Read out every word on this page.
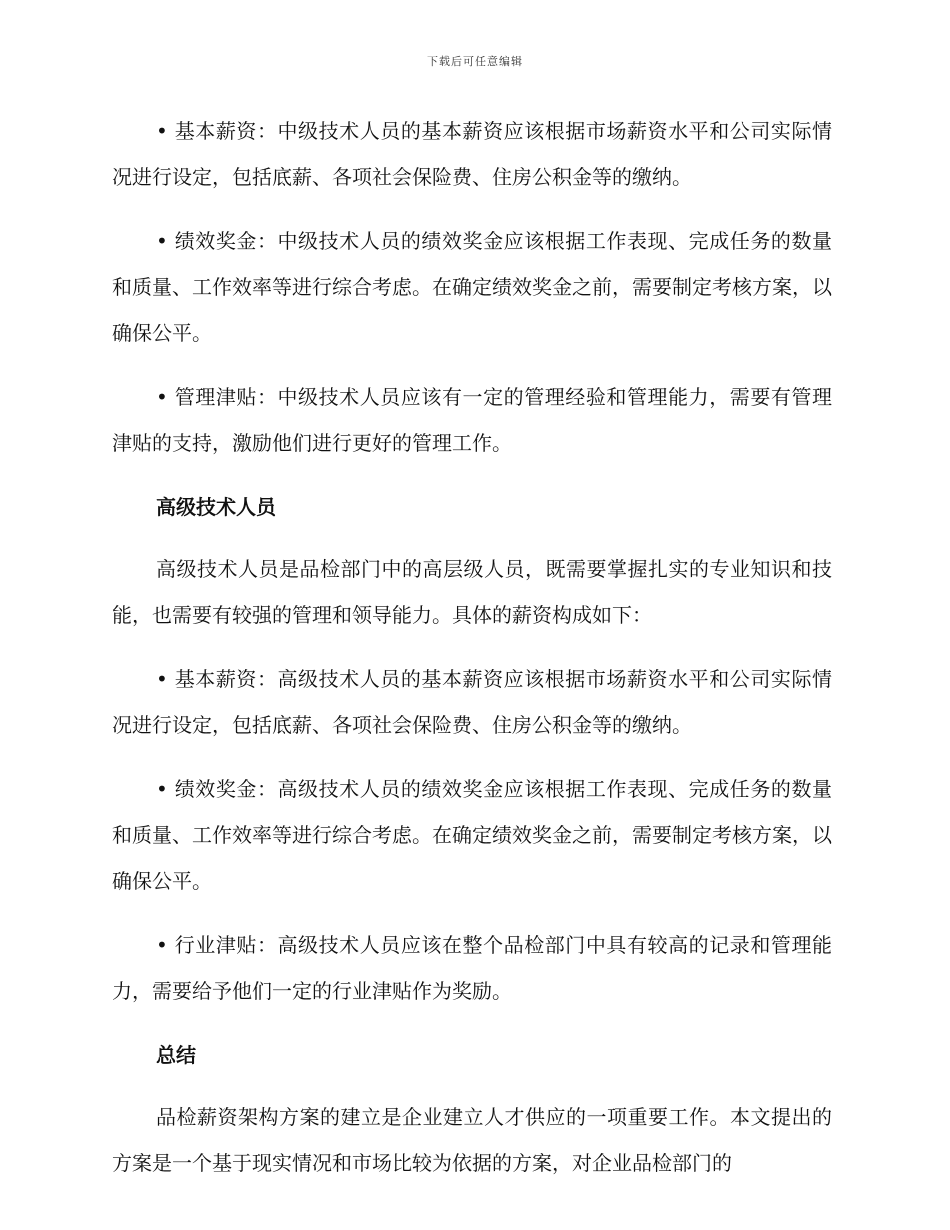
下载后可任意编辑

• 基本薪资：中级技术人员的基本薪资应该根据市场薪资水平和公司实际情况进行设定，包括底薪、各项社会保险费、住房公积金等的缴纳。

• 绩效奖金：中级技术人员的绩效奖金应该根据工作表现、完成任务的数量和质量、工作效率等进行综合考虑。在确定绩效奖金之前，需要制定考核方案，以确保公平。

• 管理津贴：中级技术人员应该有一定的管理经验和管理能力，需要有管理津贴的支持，激励他们进行更好的管理工作。

高级技术人员

高级技术人员是品检部门中的高层级人员，既需要掌握扎实的专业知识和技能，也需要有较强的管理和领导能力。具体的薪资构成如下：

• 基本薪资：高级技术人员的基本薪资应该根据市场薪资水平和公司实际情况进行设定，包括底薪、各项社会保险费、住房公积金等的缴纳。

• 绩效奖金：高级技术人员的绩效奖金应该根据工作表现、完成任务的数量和质量、工作效率等进行综合考虑。在确定绩效奖金之前，需要制定考核方案，以确保公平。

• 行业津贴：高级技术人员应该在整个品检部门中具有较高的记录和管理能力，需要给予他们一定的行业津贴作为奖励。

总结

品检薪资架构方案的建立是企业建立人才供应的一项重要工作。本文提出的方案是一个基于现实情况和市场比较为依据的方案，对企业品检部门的
